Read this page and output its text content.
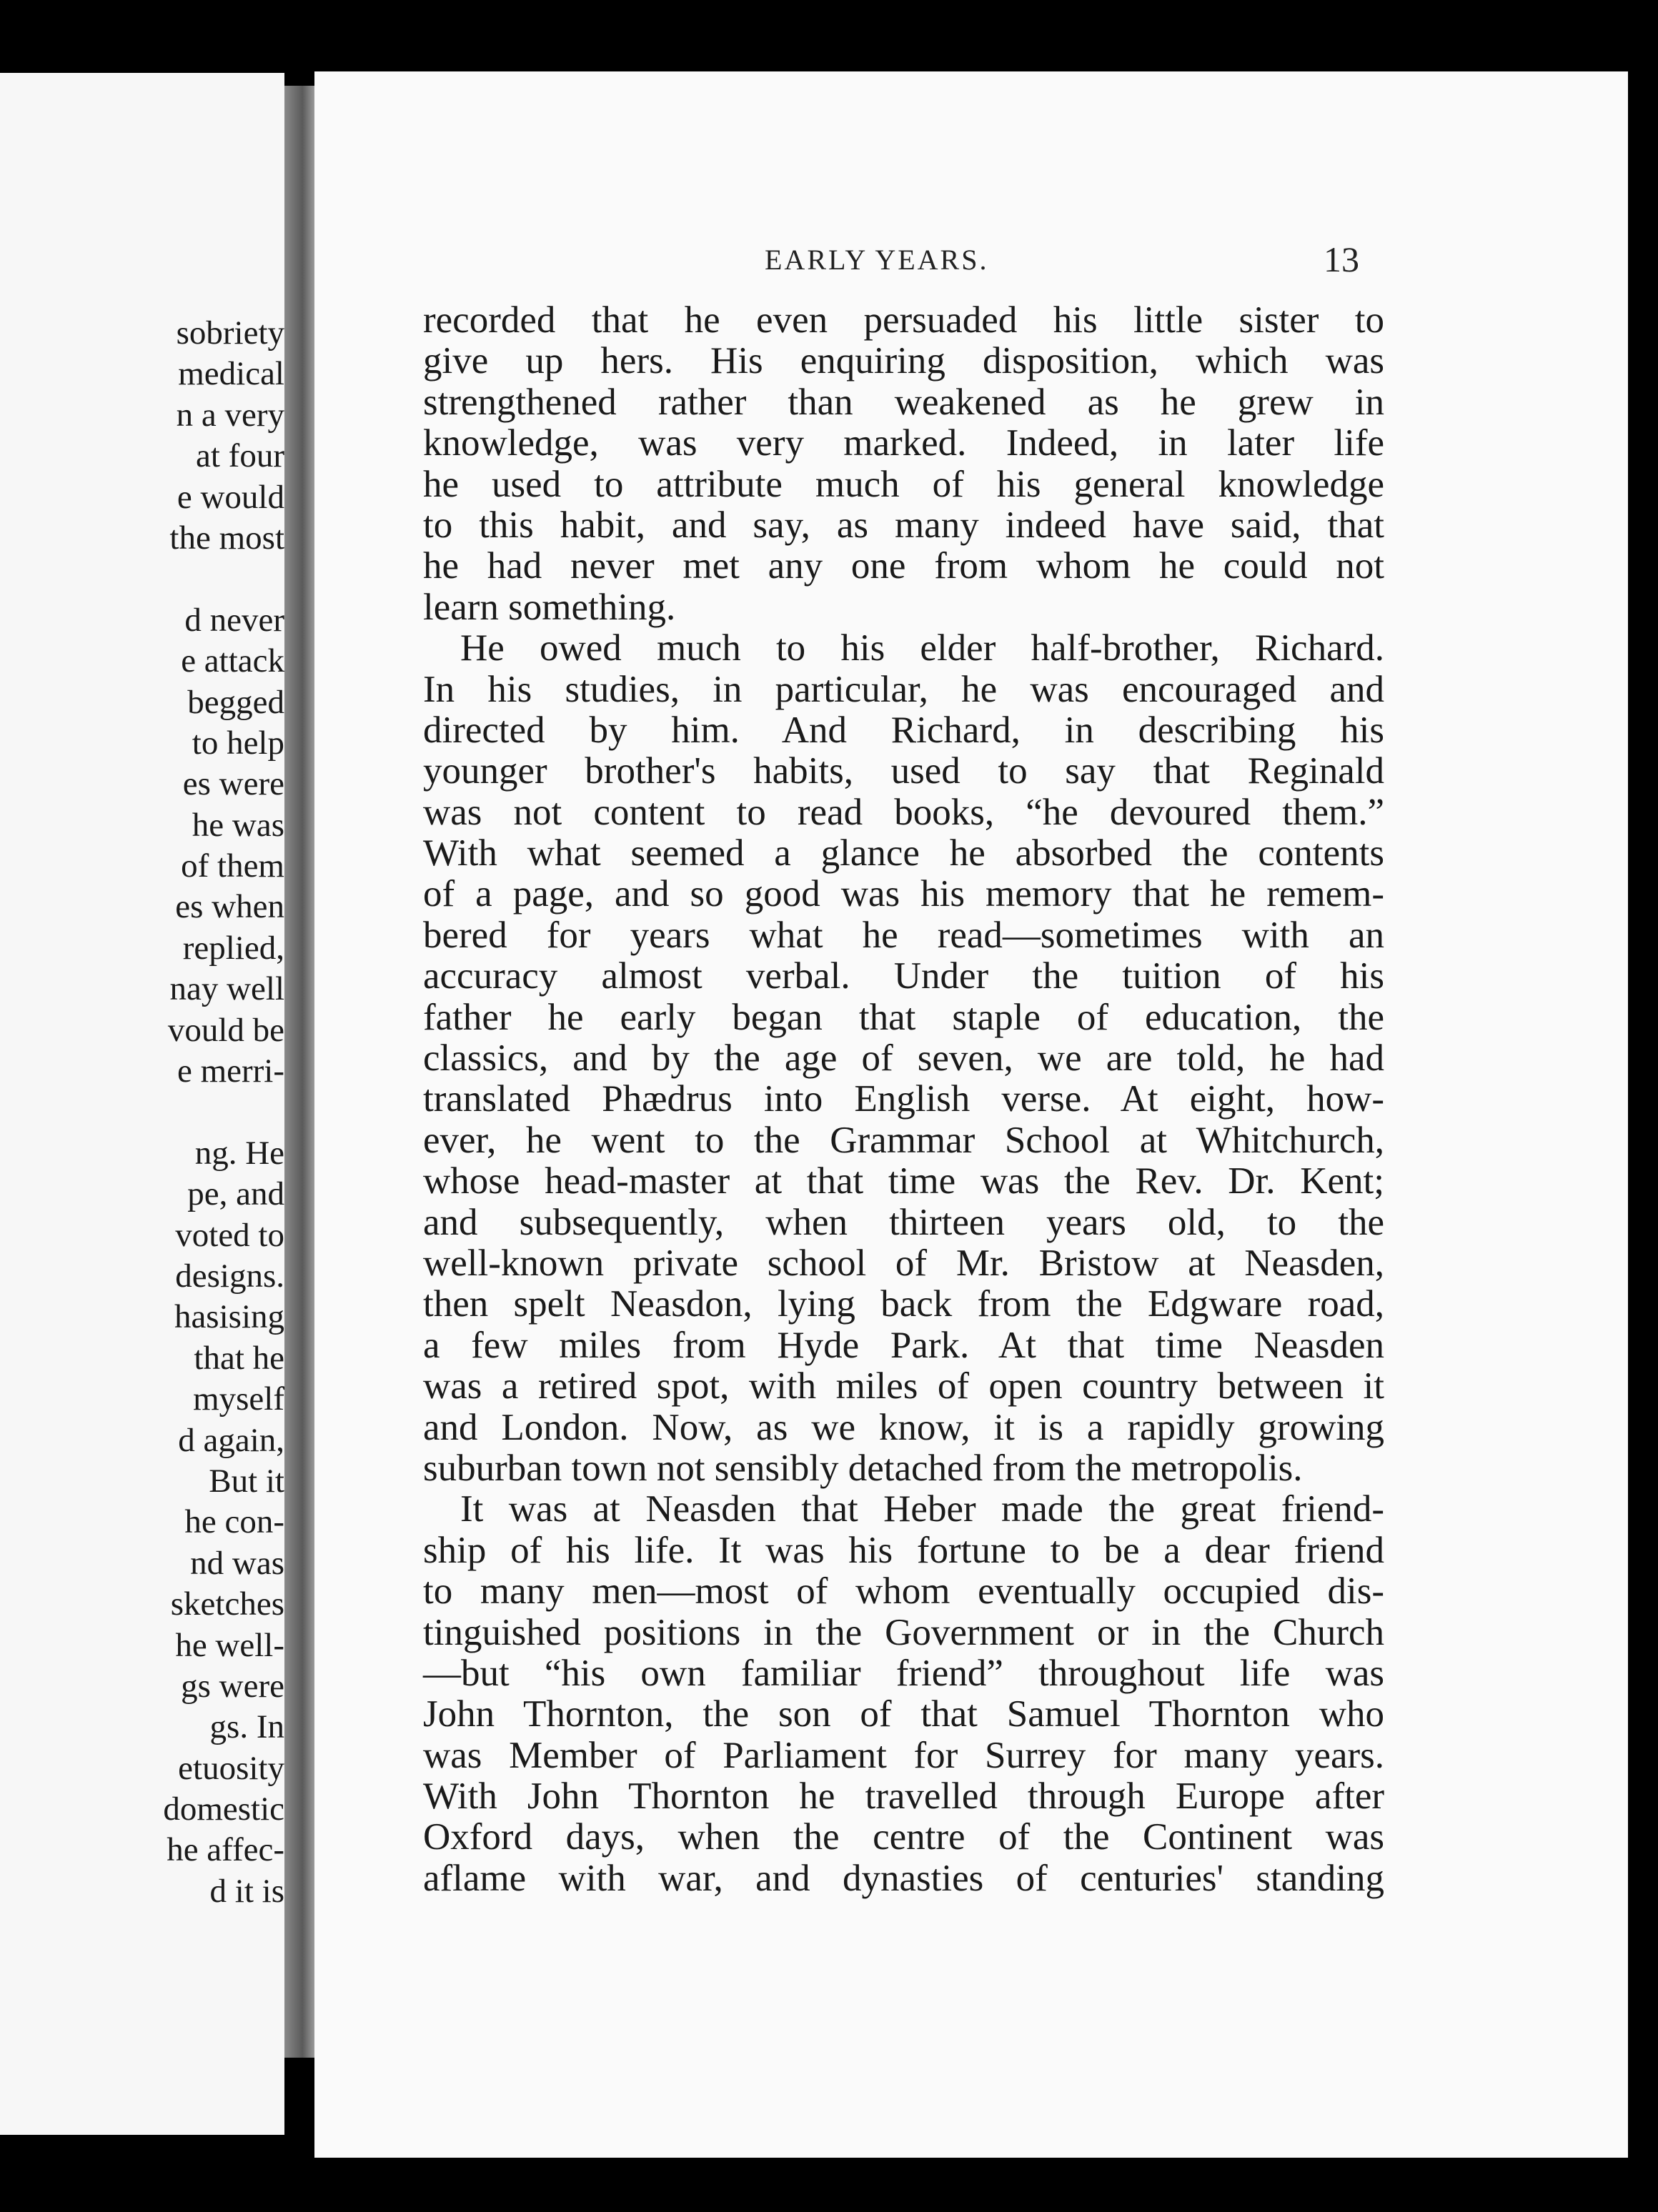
sobriety
medical
n a very
at four
e would
the most
d never
e attack
begged
to help
es were
he was
of them
es when
replied,
nay well
vould be
e merri-
ng. He
pe, and
voted to
designs.
hasising
that he
myself
d again,
But it
he con-
nd was
sketches
he well-
gs were
gs. In
etuosity
domestic
he affec-
d it is
EARLY YEARS.	13
recorded that he even persuaded his little sister to
give up hers. His enquiring disposition, which was
strengthened rather than weakened as he grew in
knowledge, was very marked. Indeed, in later life
he used to attribute much of his general knowledge
to this habit, and say, as many indeed have said, that
he had never met any one from whom he could not
learn something.
He owed much to his elder half-brother, Richard.
In his studies, in particular, he was encouraged and
directed by him. And Richard, in describing his
younger brother's habits, used to say that Reginald
was not content to read books, “he devoured them.”
With what seemed a glance he absorbed the contents
of a page, and so good was his memory that he remem-
bered for years what he read—sometimes with an
accuracy almost verbal. Under the tuition of his
father he early began that staple of education, the
classics, and by the age of seven, we are told, he had
translated Phædrus into English verse. At eight, how-
ever, he went to the Grammar School at Whitchurch,
whose head-master at that time was the Rev. Dr. Kent;
and subsequently, when thirteen years old, to the
well-known private school of Mr. Bristow at Neasden,
then spelt Neasdon, lying back from the Edgware road,
a few miles from Hyde Park. At that time Neasden
was a retired spot, with miles of open country between it
and London. Now, as we know, it is a rapidly growing
suburban town not sensibly detached from the metropolis.
It was at Neasden that Heber made the great friend-
ship of his life. It was his fortune to be a dear friend
to many men—most of whom eventually occupied dis-
tinguished positions in the Government or in the Church
—but “his own familiar friend” throughout life was
John Thornton, the son of that Samuel Thornton who
was Member of Parliament for Surrey for many years.
With John Thornton he travelled through Europe after
Oxford days, when the centre of the Continent was
aflame with war, and dynasties of centuries' standing
